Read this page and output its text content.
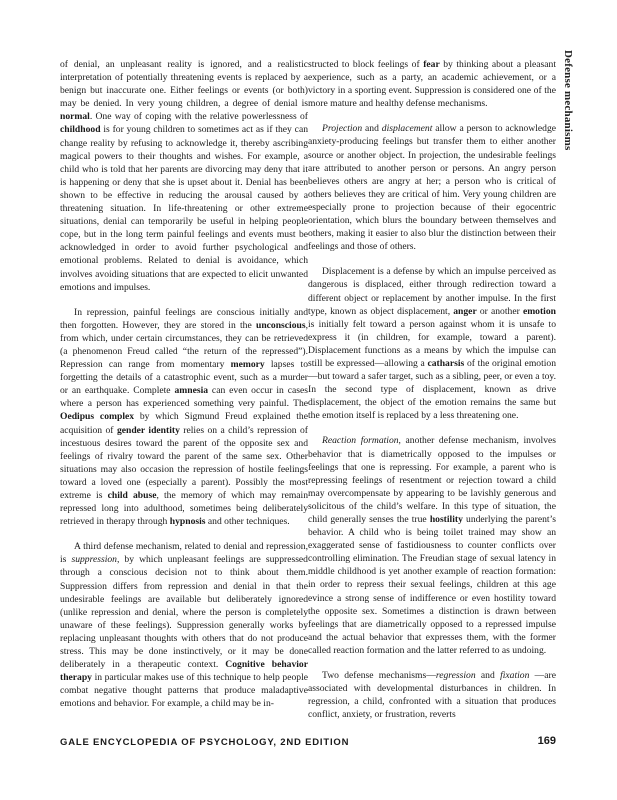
Defense mechanisms

of denial, an unpleasant reality is ignored, and a realistic interpretation of potentially threatening events is replaced by a benign but inaccurate one. Either feelings or events (or both) may be denied. In very young children, a degree of denial is normal. One way of coping with the relative powerlessness of childhood is for young children to sometimes act as if they can change reality by refusing to acknowledge it, thereby ascribing magical powers to their thoughts and wishes. For example, a child who is told that her parents are divorcing may deny that it is happening or deny that she is upset about it. Denial has been shown to be effective in reducing the arousal caused by a threatening situation. In life-threatening or other extreme situations, denial can temporarily be useful in helping people cope, but in the long term painful feelings and events must be acknowledged in order to avoid further psychological and emotional problems. Related to denial is avoidance, which involves avoiding situations that are expected to elicit unwanted emotions and impulses.

In repression, painful feelings are conscious initially and then forgotten. However, they are stored in the unconscious, from which, under certain circumstances, they can be retrieved (a phenomenon Freud called “the return of the repressed”). Repression can range from momentary memory lapses to forgetting the details of a catastrophic event, such as a murder or an earthquake. Complete amnesia can even occur in cases where a person has experienced something very painful. The Oedipus complex by which Sigmund Freud explained the acquisition of gender identity relies on a child’s repression of incestuous desires toward the parent of the opposite sex and feelings of rivalry toward the parent of the same sex. Other situations may also occasion the repression of hostile feelings toward a loved one (especially a parent). Possibly the most extreme is child abuse, the memory of which may remain repressed long into adulthood, sometimes being deliberately retrieved in therapy through hypnosis and other techniques.

A third defense mechanism, related to denial and repression, is suppression, by which unpleasant feelings are suppressed through a conscious decision not to think about them. Suppression differs from repression and denial in that the undesirable feelings are available but deliberately ignored (unlike repression and denial, where the person is completely unaware of these feelings). Suppression generally works by replacing unpleasant thoughts with others that do not produce stress. This may be done instinctively, or it may be done deliberately in a therapeutic context. Cognitive behavior therapy in particular makes use of this technique to help people combat negative thought patterns that produce maladaptive emotions and behavior. For example, a child may be in-

structed to block feelings of fear by thinking about a pleasant experience, such as a party, an academic achievement, or a victory in a sporting event. Suppression is considered one of the more mature and healthy defense mechanisms.

Projection and displacement allow a person to acknowledge anxiety-producing feelings but transfer them to either another source or another object. In projection, the undesirable feelings are attributed to another person or persons. An angry person believes others are angry at her; a person who is critical of others believes they are critical of him. Very young children are especially prone to projection because of their egocentric orientation, which blurs the boundary between themselves and others, making it easier to also blur the distinction between their feelings and those of others.

Displacement is a defense by which an impulse perceived as dangerous is displaced, either through redirection toward a different object or replacement by another impulse. In the first type, known as object displacement, anger or another emotion is initially felt toward a person against whom it is unsafe to express it (in children, for example, toward a parent). Displacement functions as a means by which the impulse can still be expressed—allowing a catharsis of the original emotion—but toward a safer target, such as a sibling, peer, or even a toy. In the second type of displacement, known as drive displacement, the object of the emotion remains the same but the emotion itself is replaced by a less threatening one.

Reaction formation, another defense mechanism, involves behavior that is diametrically opposed to the impulses or feelings that one is repressing. For example, a parent who is repressing feelings of resentment or rejection toward a child may overcompensate by appearing to be lavishly generous and solicitous of the child’s welfare. In this type of situation, the child generally senses the true hostility underlying the parent’s behavior. A child who is being toilet trained may show an exaggerated sense of fastidiousness to counter conflicts over controlling elimination. The Freudian stage of sexual latency in middle childhood is yet another example of reaction formation: in order to repress their sexual feelings, children at this age evince a strong sense of indifference or even hostility toward the opposite sex. Sometimes a distinction is drawn between feelings that are diametrically opposed to a repressed impulse and the actual behavior that expresses them, with the former called reaction formation and the latter referred to as undoing.

Two defense mechanisms—regression and fixation —are associated with developmental disturbances in children. In regression, a child, confronted with a situation that produces conflict, anxiety, or frustration, reverts

GALE ENCYCLOPEDIA OF PSYCHOLOGY, 2ND EDITION	169
